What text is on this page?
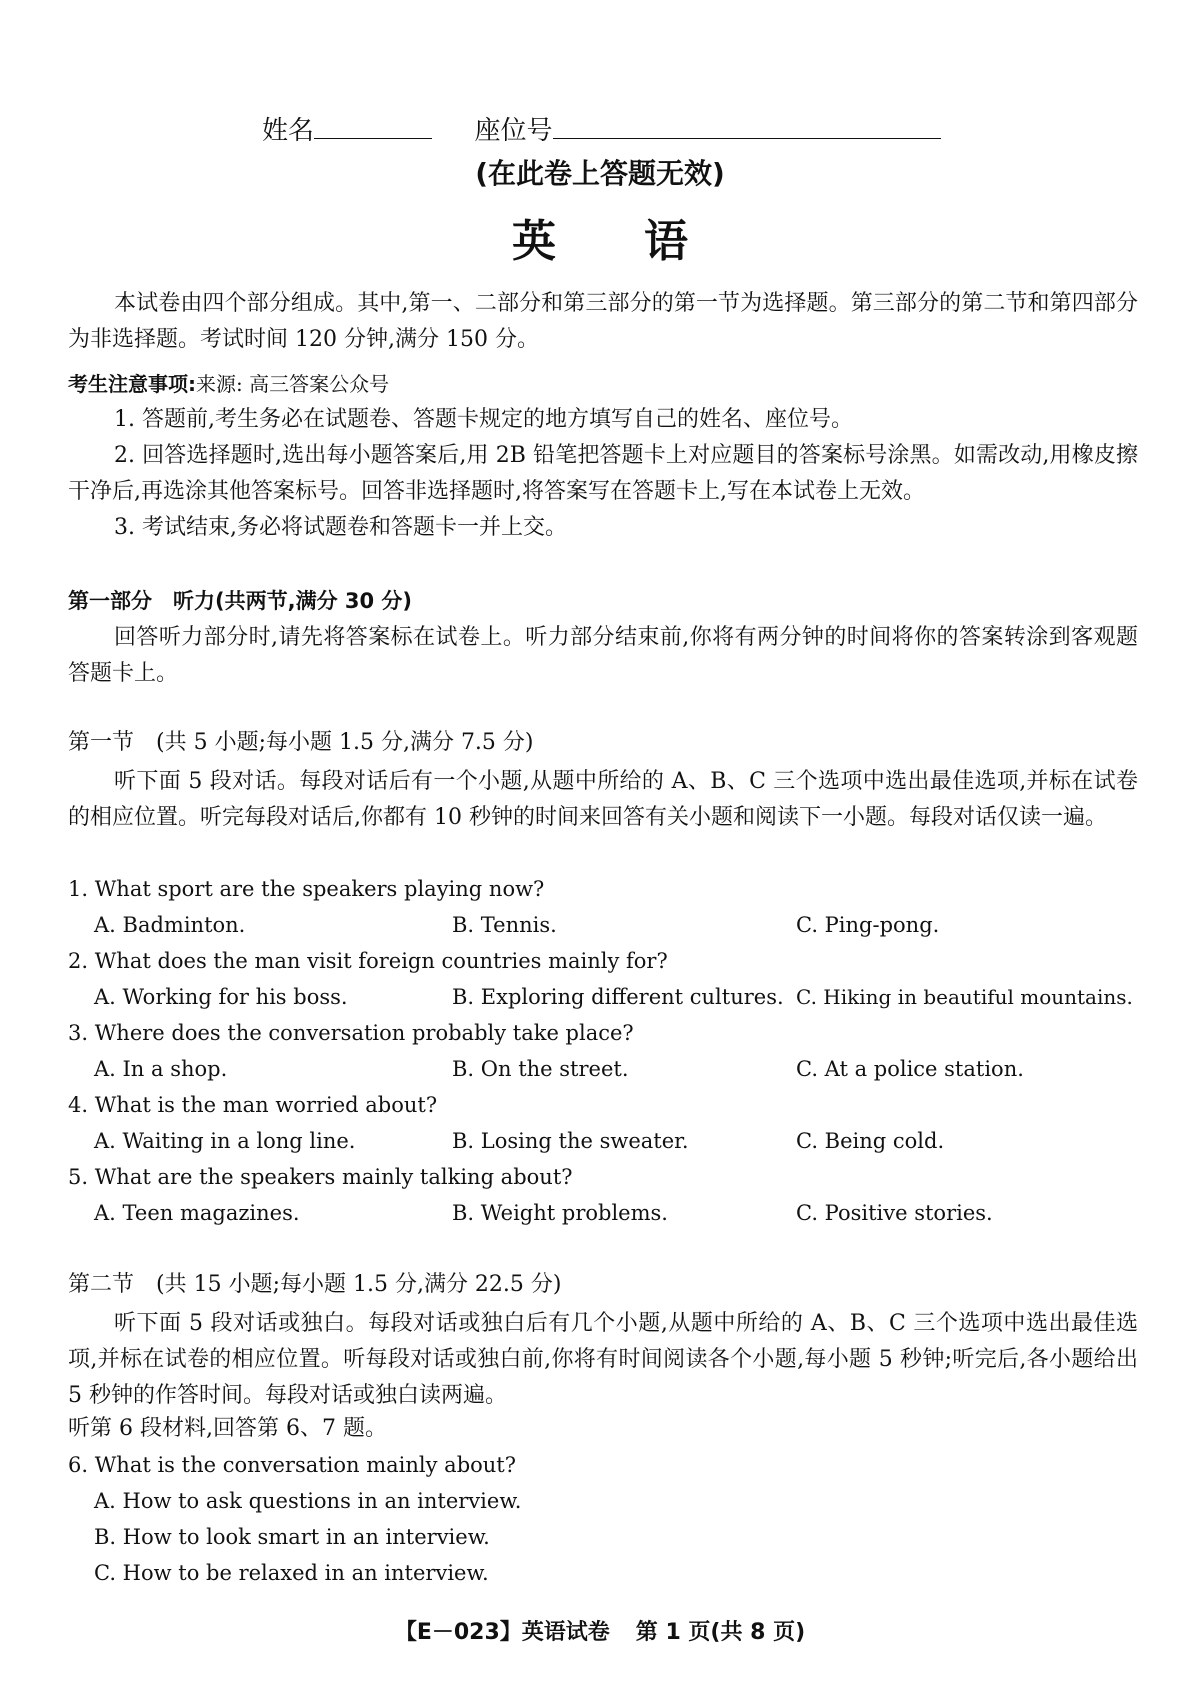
姓名	座位号
(在此卷上答题无效)
英语
本试卷由四个部分组成。其中,第一、二部分和第三部分的第一节为选择题。第三部分的第二节和第四部分为非选择题。考试时间 120 分钟,满分 150 分。
考生注意事项:来源: 高三答案公众号
1. 答题前,考生务必在试题卷、答题卡规定的地方填写自己的姓名、座位号。
2. 回答选择题时,选出每小题答案后,用 2B 铅笔把答题卡上对应题目的答案标号涂黑。如需改动,用橡皮擦干净后,再选涂其他答案标号。回答非选择题时,将答案写在答题卡上,写在本试卷上无效。
3. 考试结束,务必将试题卷和答题卡一并上交。
第一部分　听力(共两节,满分 30 分)
回答听力部分时,请先将答案标在试卷上。听力部分结束前,你将有两分钟的时间将你的答案转涂到客观题答题卡上。
第一节　(共 5 小题;每小题 1.5 分,满分 7.5 分)
听下面 5 段对话。每段对话后有一个小题,从题中所给的 A、B、C 三个选项中选出最佳选项,并标在试卷的相应位置。听完每段对话后,你都有 10 秒钟的时间来回答有关小题和阅读下一小题。每段对话仅读一遍。
1. What sport are the speakers playing now?
A. Badminton.	B. Tennis.	C. Ping-pong.
2. What does the man visit foreign countries mainly for?
A. Working for his boss.	B. Exploring different cultures. C. Hiking in beautiful mountains.
3. Where does the conversation probably take place?
A. In a shop.	B. On the street.	C. At a police station.
4. What is the man worried about?
A. Waiting in a long line.	B. Losing the sweater.	C. Being cold.
5. What are the speakers mainly talking about?
A. Teen magazines.	B. Weight problems.	C. Positive stories.
第二节　(共 15 小题;每小题 1.5 分,满分 22.5 分)
听下面 5 段对话或独白。每段对话或独白后有几个小题,从题中所给的 A、B、C 三个选项中选出最佳选项,并标在试卷的相应位置。听每段对话或独白前,你将有时间阅读各个小题,每小题 5 秒钟;听完后,各小题给出 5 秒钟的作答时间。每段对话或独白读两遍。
听第 6 段材料,回答第 6、7 题。
6. What is the conversation mainly about?
A. How to ask questions in an interview.
B. How to look smart in an interview.
C. How to be relaxed in an interview.
【E－023】英语试卷 第 1 页(共 8 页)
